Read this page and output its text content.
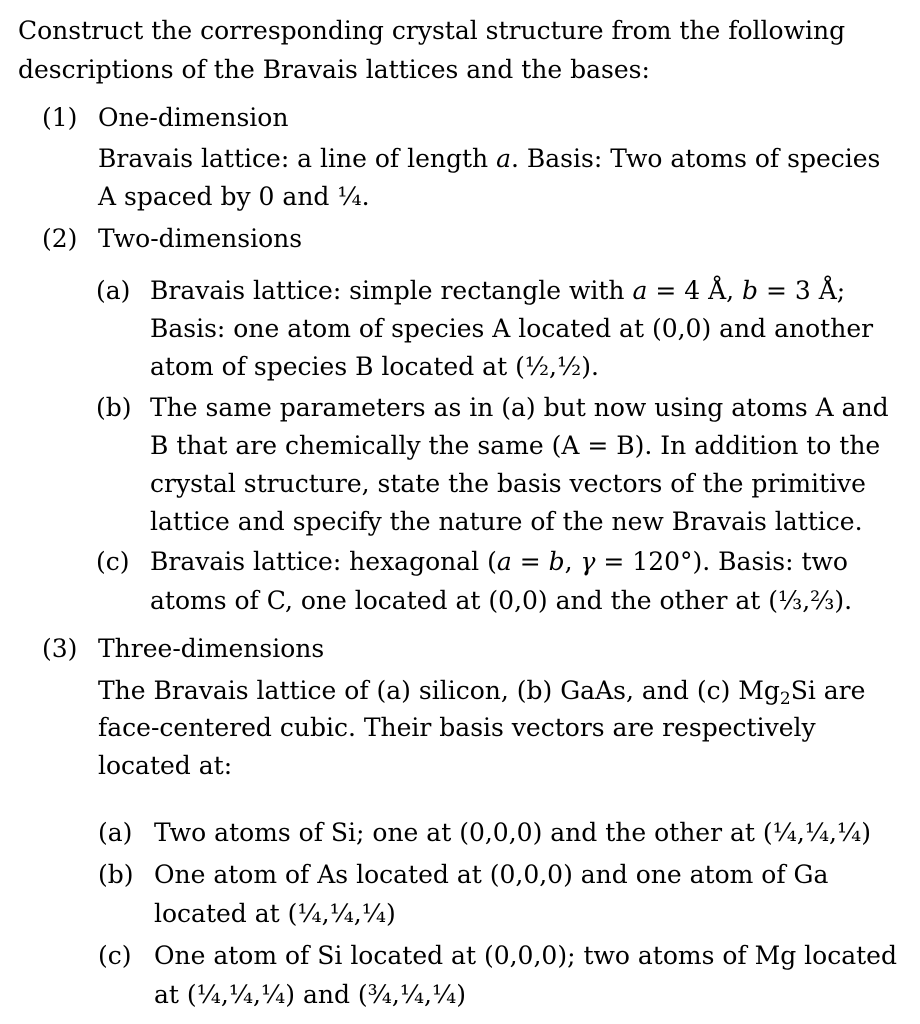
Construct the corresponding crystal structure from the following
descriptions of the Bravais lattices and the bases:
(1) One-dimension
Bravais lattice: a line of length a. Basis: Two atoms of species
A spaced by 0 and ¼.
(2) Two-dimensions
(a) Bravais lattice: simple rectangle with a = 4 Å, b = 3 Å;
Basis: one atom of species A located at (0,0) and another
atom of species B located at (½,½).
(b) The same parameters as in (a) but now using atoms A and
B that are chemically the same (A = B). In addition to the
crystal structure, state the basis vectors of the primitive
lattice and specify the nature of the new Bravais lattice.
(c) Bravais lattice: hexagonal (a = b, γ = 120°). Basis: two
atoms of C, one located at (0,0) and the other at (⅓,⅔).
(3) Three-dimensions
The Bravais lattice of (a) silicon, (b) GaAs, and (c) $Mg_2Si$ are
face-centered cubic. Their basis vectors are respectively
located at:
(a) Two atoms of Si; one at (0,0,0) and the other at (¼,¼,¼)
(b) One atom of As located at (0,0,0) and one atom of Ga
located at (¼,¼,¼)
(c) One atom of Si located at (0,0,0); two atoms of Mg located
at (¼,¼,¼) and (¾,¼,¼)
